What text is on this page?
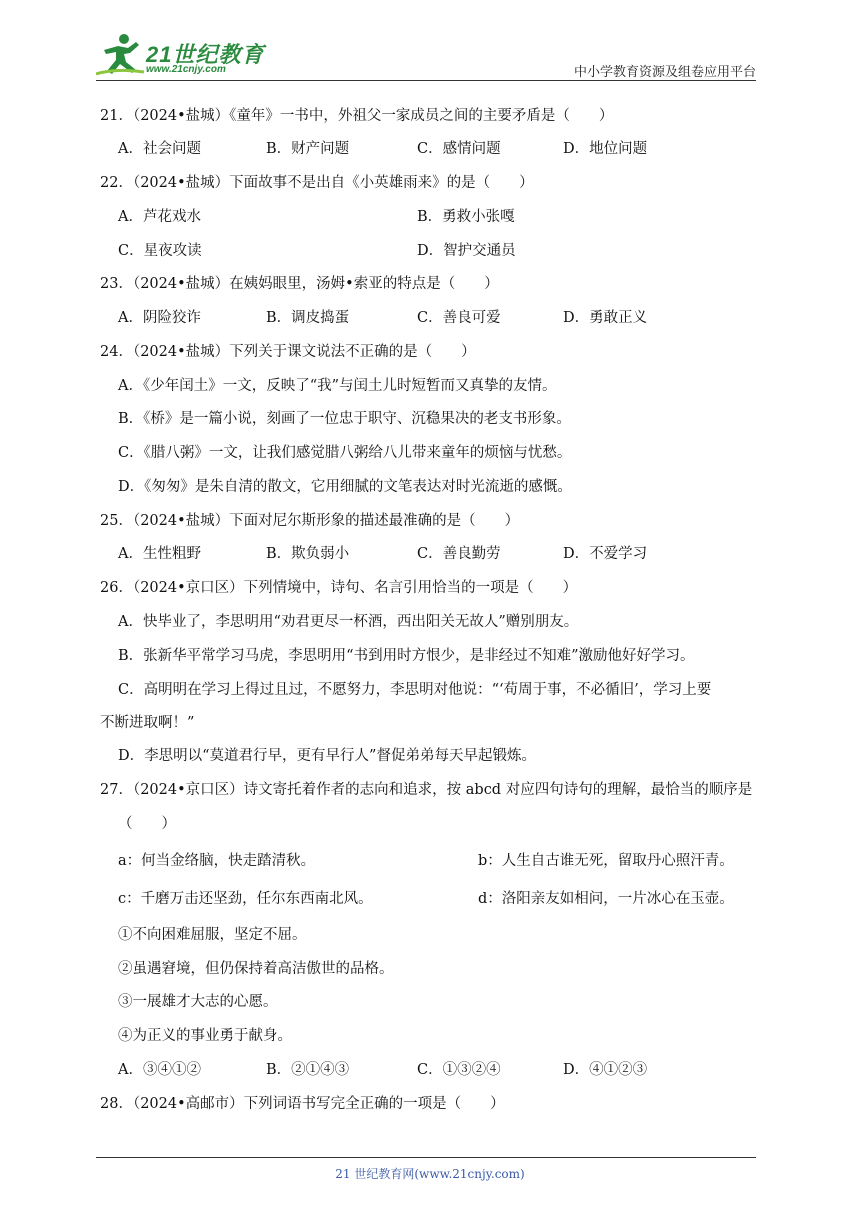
21世纪教育
www.21cnjy.com	中小学教育资源及组卷应用平台
21．（2024•盐城）《童年》一书中，外祖父一家成员之间的主要矛盾是（　　）
A．社会问题	B．财产问题	C．感情问题	D．地位问题
22．（2024•盐城）下面故事不是出自《小英雄雨来》的是（　　）
A．芦花戏水	B．勇救小张嘎
C．星夜攻读	D．智护交通员
23．（2024•盐城）在姨妈眼里，汤姆•索亚的特点是（　　）
A．阴险狡诈	B．调皮捣蛋	C．善良可爱	D．勇敢正义
24．（2024•盐城）下列关于课文说法不正确的是（　　）
A．《少年闰土》一文，反映了“我”与闰土儿时短暂而又真挚的友情。
B．《桥》是一篇小说，刻画了一位忠于职守、沉稳果决的老支书形象。
C．《腊八粥》一文，让我们感觉腊八粥给八儿带来童年的烦恼与忧愁。
D．《匆匆》是朱自清的散文，它用细腻的文笔表达对时光流逝的感慨。
25．（2024•盐城）下面对尼尔斯形象的描述最准确的是（　　）
A．生性粗野	B．欺负弱小	C．善良勤劳	D．不爱学习
26．（2024•京口区）下列情境中，诗句、名言引用恰当的一项是（　　）
A．快毕业了，李思明用“劝君更尽一杯酒，西出阳关无故人”赠别朋友。
B．张新华平常学习马虎，李思明用“书到用时方恨少，是非经过不知难”激励他好好学习。
C．高明明在学习上得过且过，不愿努力，李思明对他说：“‘苟周于事，不必循旧’，学习上要
不断进取啊！”
D．李思明以“莫道君行早，更有早行人”督促弟弟每天早起锻炼。
27．（2024•京口区）诗文寄托着作者的志向和追求，按 abcd 对应四句诗句的理解，最恰当的顺序是
（　　）
a：何当金络脑，快走踏清秋。	b：人生自古谁无死，留取丹心照汗青。
c：千磨万击还坚劲，任尔东西南北风。	d：洛阳亲友如相问，一片冰心在玉壶。
①不向困难屈服，坚定不屈。
②虽遇窘境，但仍保持着高洁傲世的品格。
③一展雄才大志的心愿。
④为正义的事业勇于献身。
A．③④①②	B．②①④③	C．①③②④	D．④①②③
28．（2024•高邮市）下列词语书写完全正确的一项是（　　）
21 世纪教育网(www.21cnjy.com)
